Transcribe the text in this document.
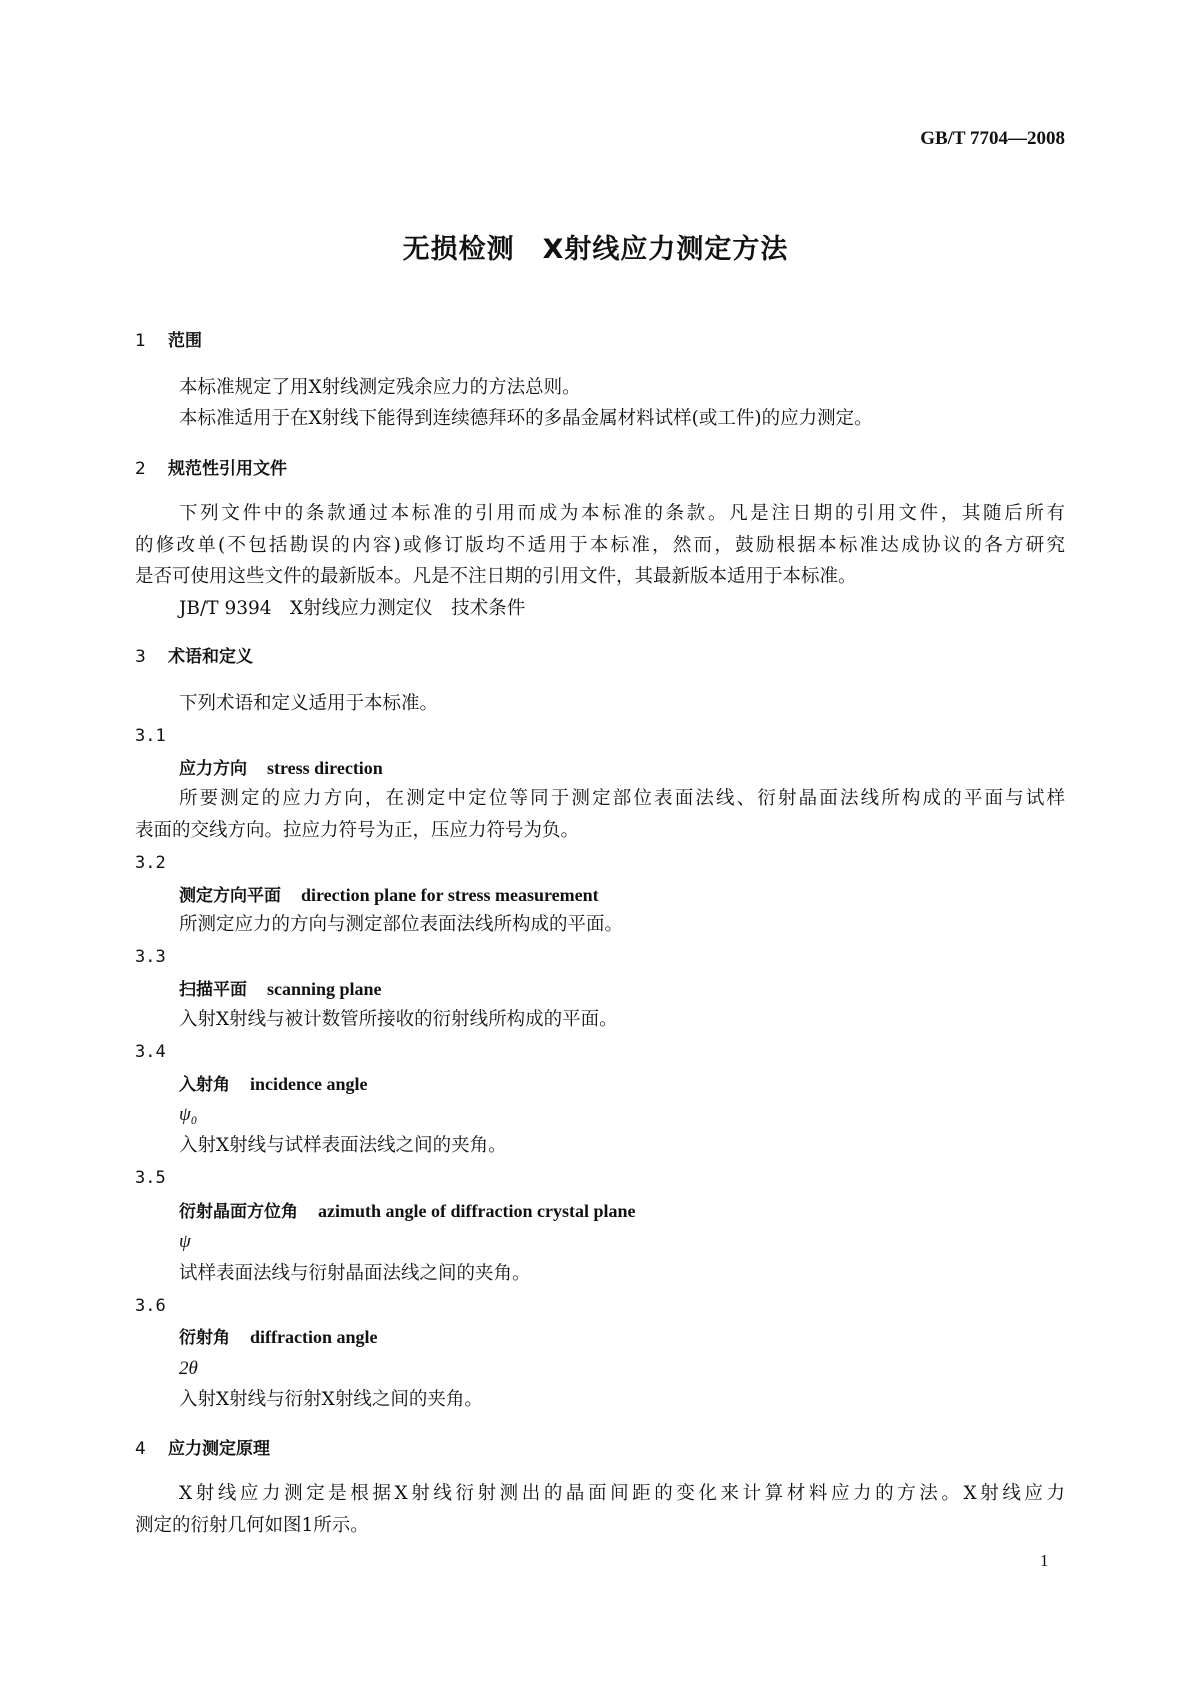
GB/T 7704—2008
无损检测　X射线应力测定方法
1 范围
本标准规定了用X射线测定残余应力的方法总则。
本标准适用于在X射线下能得到连续德拜环的多晶金属材料试样(或工件)的应力测定。
2 规范性引用文件
下列文件中的条款通过本标准的引用而成为本标准的条款。凡是注日期的引用文件，其随后所有
的修改单(不包括勘误的内容)或修订版均不适用于本标准，然而，鼓励根据本标准达成协议的各方研究
是否可使用这些文件的最新版本。凡是不注日期的引用文件，其最新版本适用于本标准。
JB/T 9394　X射线应力测定仪　技术条件
3 术语和定义
下列术语和定义适用于本标准。
3.1
应力方向 stress direction
所要测定的应力方向，在测定中定位等同于测定部位表面法线、衍射晶面法线所构成的平面与试样
表面的交线方向。拉应力符号为正，压应力符号为负。
3.2
测定方向平面 direction plane for stress measurement
所测定应力的方向与测定部位表面法线所构成的平面。
3.3
扫描平面 scanning plane
入射X射线与被计数管所接收的衍射线所构成的平面。
3.4
入射角 incidence angle
ψ₀
入射X射线与试样表面法线之间的夹角。
3.5
衍射晶面方位角 azimuth angle of diffraction crystal plane
ψ
试样表面法线与衍射晶面法线之间的夹角。
3.6
衍射角 diffraction angle
2θ
入射X射线与衍射X射线之间的夹角。
4 应力测定原理
X射线应力测定是根据X射线衍射测出的晶面间距的变化来计算材料应力的方法。X射线应力
测定的衍射几何如图1所示。
1
